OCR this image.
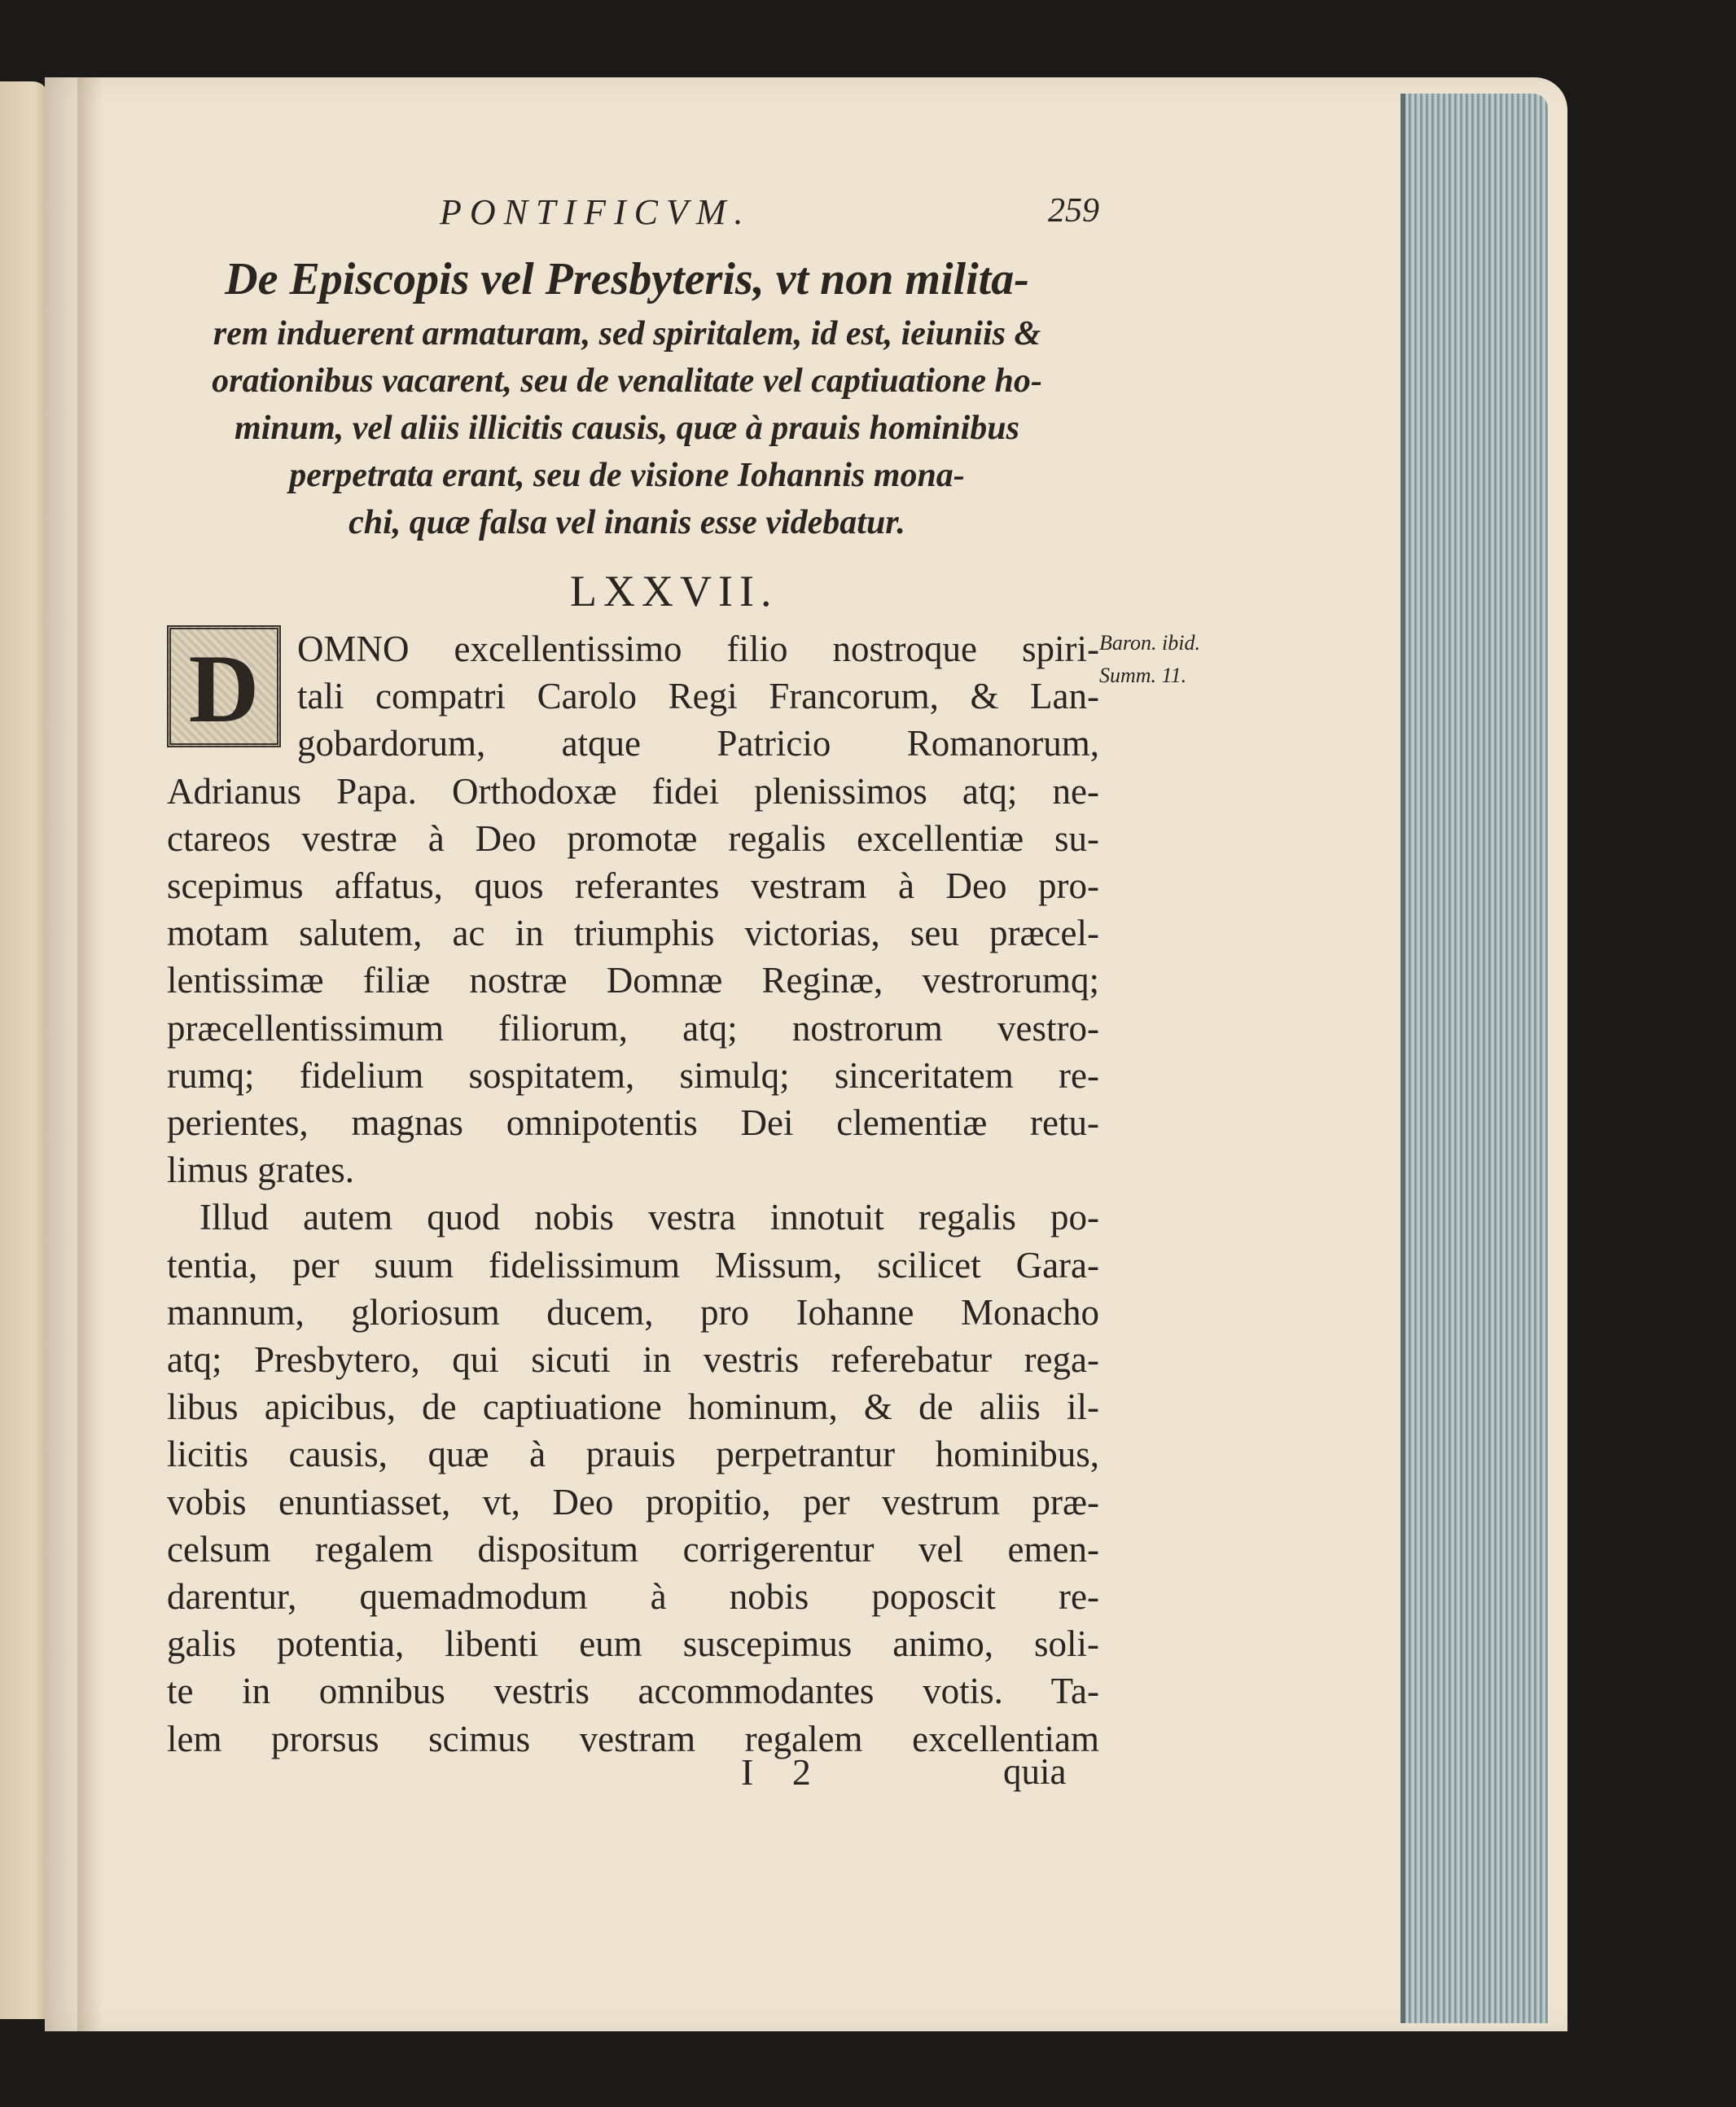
PONTIFICVM.	259
De Episcopis vel Presbyteris, vt non milita-
rem induerent armaturam, sed spiritalem, id est, ieiuniis &
orationibus vacarent, seu de venalitate vel captiuatione ho-
minum, vel aliis illicitis causis, quæ à prauis hominibus
perpetrata erant, seu de visione Iohannis mona-
chi, quæ falsa vel inanis esse videbatur.
LXXVII.
D	OMNO excellentissimo filio nostroque spiri-
tali compatri Carolo Regi Francorum, & Lan-
gobardorum, atque Patricio Romanorum,
Adrianus Papa. Orthodoxæ fidei plenissimos atq; ne-
ctareos vestræ à Deo promotæ regalis excellentiæ su-
scepimus affatus, quos referantes vestram à Deo pro-
motam salutem, ac in triumphis victorias, seu præcel-
lentissimæ filiæ nostræ Domnæ Reginæ, vestrorumq;
præcellentissimum filiorum, atq; nostrorum vestro-
rumq; fidelium sospitatem, simulq; sinceritatem re-
perientes, magnas omnipotentis Dei clementiæ retu-
limus grates.
Illud autem quod nobis vestra innotuit regalis po-
tentia, per suum fidelissimum Missum, scilicet Gara-
mannum, gloriosum ducem, pro Iohanne Monacho
atq; Presbytero, qui sicuti in vestris referebatur rega-
libus apicibus, de captiuatione hominum, & de aliis il-
licitis causis, quæ à prauis perpetrantur hominibus,
vobis enuntiasset, vt, Deo propitio, per vestrum præ-
celsum regalem dispositum corrigerentur vel emen-
darentur, quemadmodum à nobis poposcit re-
galis potentia, libenti eum suscepimus animo, soli-
te in omnibus vestris accommodantes votis. Ta-
lem prorsus scimus vestram regalem excellentiam
Baron. ibid.
Summ. 11.
I 2	quia
